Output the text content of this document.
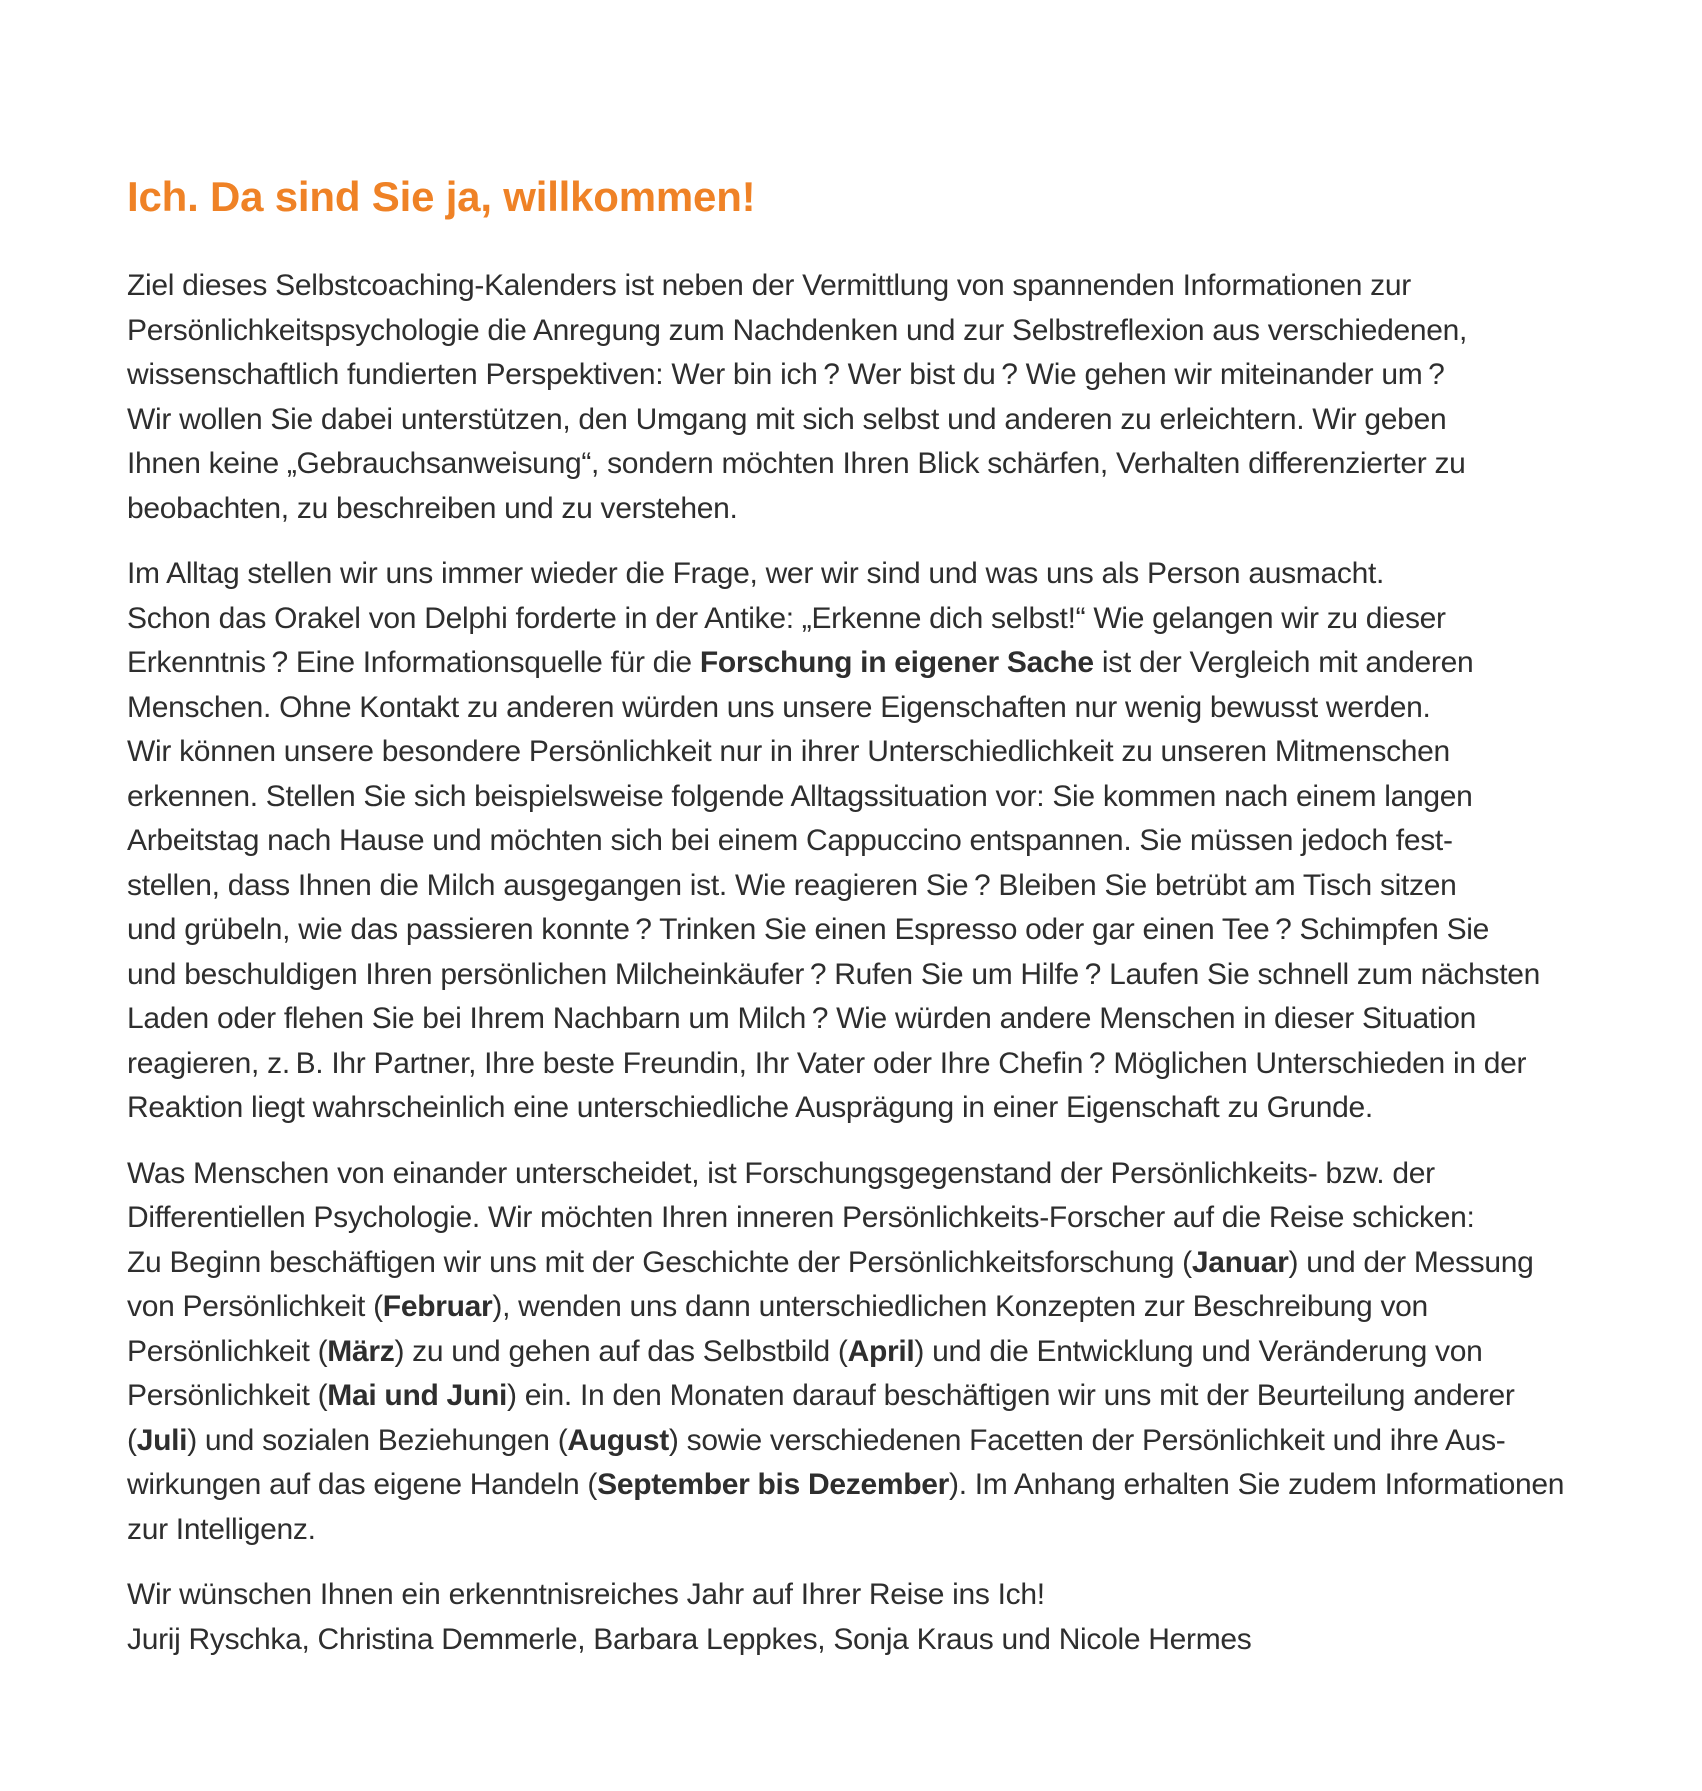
Ich. Da sind Sie ja, willkommen!

Ziel dieses Selbstcoaching-Kalenders ist neben der Vermittlung von spannenden Informationen zur
Persönlichkeitspsychologie die Anregung zum Nachdenken und zur Selbstreflexion aus verschiedenen,
wissenschaftlich fundierten Perspektiven: Wer bin ich ? Wer bist du ? Wie gehen wir miteinander um ?
Wir wollen Sie dabei unterstützen, den Umgang mit sich selbst und anderen zu erleichtern. Wir geben
Ihnen keine „Gebrauchsanweisung“, sondern möchten Ihren Blick schärfen, Verhalten differenzierter zu
beobachten, zu beschreiben und zu verstehen.

Im Alltag stellen wir uns immer wieder die Frage, wer wir sind und was uns als Person ausmacht.
Schon das Orakel von Delphi forderte in der Antike: „Erkenne dich selbst!“ Wie gelangen wir zu dieser
Erkenntnis ? Eine Informationsquelle für die Forschung in eigener Sache ist der Vergleich mit anderen
Menschen. Ohne Kontakt zu anderen würden uns unsere Eigenschaften nur wenig bewusst werden.
Wir können unsere besondere Persönlichkeit nur in ihrer Unterschiedlichkeit zu unseren Mitmenschen
erkennen. Stellen Sie sich beispielsweise folgende Alltagssituation vor: Sie kommen nach einem langen
Arbeitstag nach Hause und möchten sich bei einem Cappuccino entspannen. Sie müssen jedoch fest-
stellen, dass Ihnen die Milch ausgegangen ist. Wie reagieren Sie ? Bleiben Sie betrübt am Tisch sitzen
und grübeln, wie das passieren konnte ? Trinken Sie einen Espresso oder gar einen Tee ? Schimpfen Sie
und beschuldigen Ihren persönlichen Milcheinkäufer ? Rufen Sie um Hilfe ? Laufen Sie schnell zum nächsten
Laden oder flehen Sie bei Ihrem Nachbarn um Milch ? Wie würden andere Menschen in dieser Situation
reagieren, z. B. Ihr Partner, Ihre beste Freundin, Ihr Vater oder Ihre Chefin ? Möglichen Unterschieden in der
Reaktion liegt wahrscheinlich eine unterschiedliche Ausprägung in einer Eigenschaft zu Grunde.

Was Menschen von einander unterscheidet, ist Forschungsgegenstand der Persönlichkeits- bzw. der
Differentiellen Psychologie. Wir möchten Ihren inneren Persönlichkeits-Forscher auf die Reise schicken:
Zu Beginn beschäftigen wir uns mit der Geschichte der Persönlichkeitsforschung (Januar) und der Messung
von Persönlichkeit (Februar), wenden uns dann unterschiedlichen Konzepten zur Beschreibung von
Persönlichkeit (März) zu und gehen auf das Selbstbild (April) und die Entwicklung und Veränderung von
Persönlichkeit (Mai und Juni) ein. In den Monaten darauf beschäftigen wir uns mit der Beurteilung anderer
(Juli) und sozialen Beziehungen (August) sowie verschiedenen Facetten der Persönlichkeit und ihre Aus-
wirkungen auf das eigene Handeln (September bis Dezember). Im Anhang erhalten Sie zudem Informationen
zur Intelligenz.

Wir wünschen Ihnen ein erkenntnisreiches Jahr auf Ihrer Reise ins Ich!
Jurij Ryschka, Christina Demmerle, Barbara Leppkes, Sonja Kraus und Nicole Hermes
